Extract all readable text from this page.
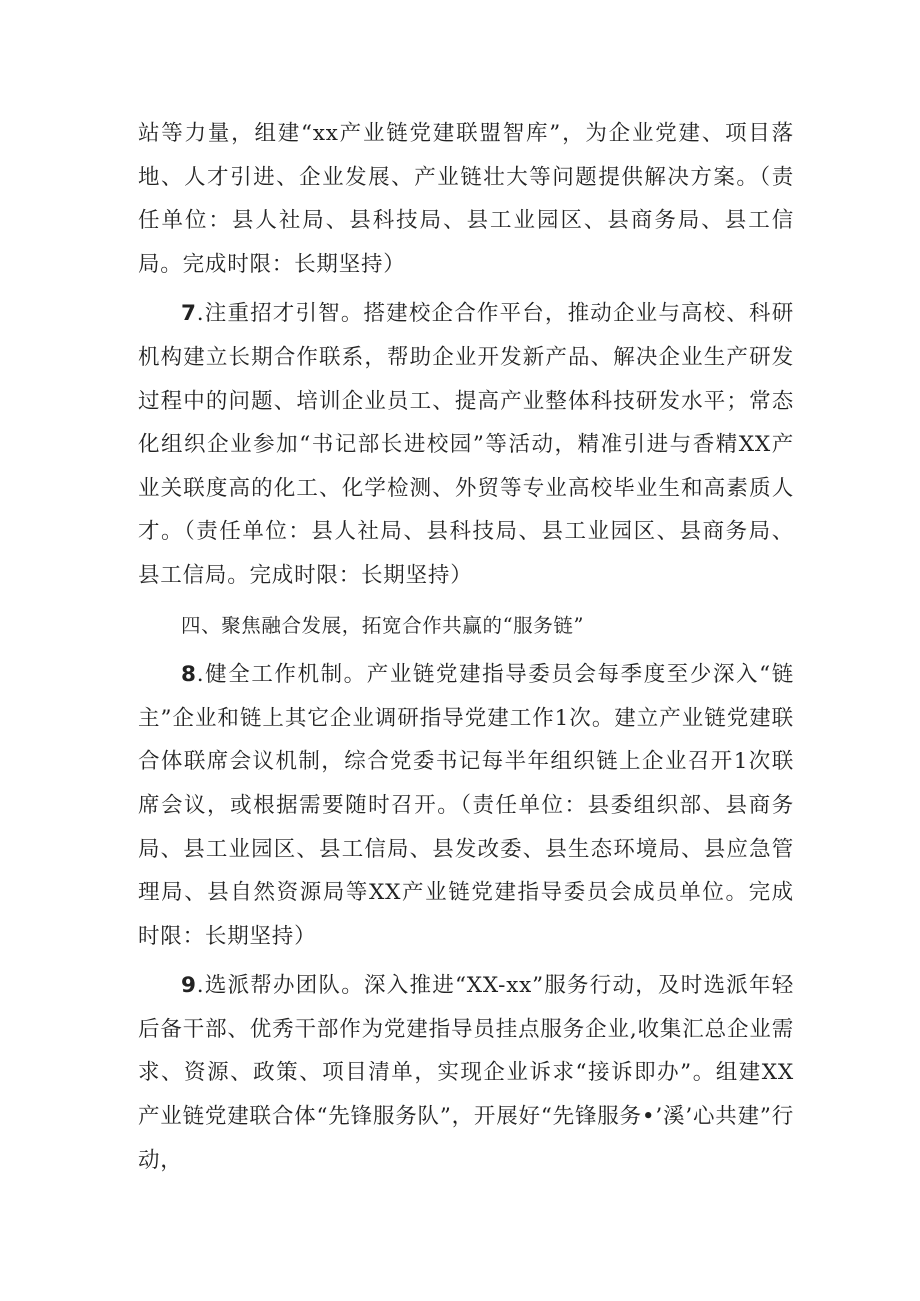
站等力量，组建“xx产业链党建联盟智库”，为企业党建、项目落地、人才引进、企业发展、产业链壮大等问题提供解决方案。（责任单位：县人社局、县科技局、县工业园区、县商务局、县工信局。完成时限：长期坚持）

7.注重招才引智。搭建校企合作平台，推动企业与高校、科研机构建立长期合作联系，帮助企业开发新产品、解决企业生产研发过程中的问题、培训企业员工、提高产业整体科技研发水平；常态化组织企业参加“书记部长进校园”等活动，精准引进与香精XX产业关联度高的化工、化学检测、外贸等专业高校毕业生和高素质人才。（责任单位：县人社局、县科技局、县工业园区、县商务局、县工信局。完成时限：长期坚持）

四、聚焦融合发展，拓宽合作共赢的“服务链”

8.健全工作机制。产业链党建指导委员会每季度至少深入“链主”企业和链上其它企业调研指导党建工作1次。建立产业链党建联合体联席会议机制，综合党委书记每半年组织链上企业召开1次联席会议，或根据需要随时召开。（责任单位：县委组织部、县商务局、县工业园区、县工信局、县发改委、县生态环境局、县应急管理局、县自然资源局等XX产业链党建指导委员会成员单位。完成时限：长期坚持）

9.选派帮办团队。深入推进“XX-xx”服务行动，及时选派年轻后备干部、优秀干部作为党建指导员挂点服务企业,收集汇总企业需求、资源、政策、项目清单，实现企业诉求“接诉即办”。组建XX产业链党建联合体“先锋服务队”，开展好“先锋服务•’溪’心共建”行动，
